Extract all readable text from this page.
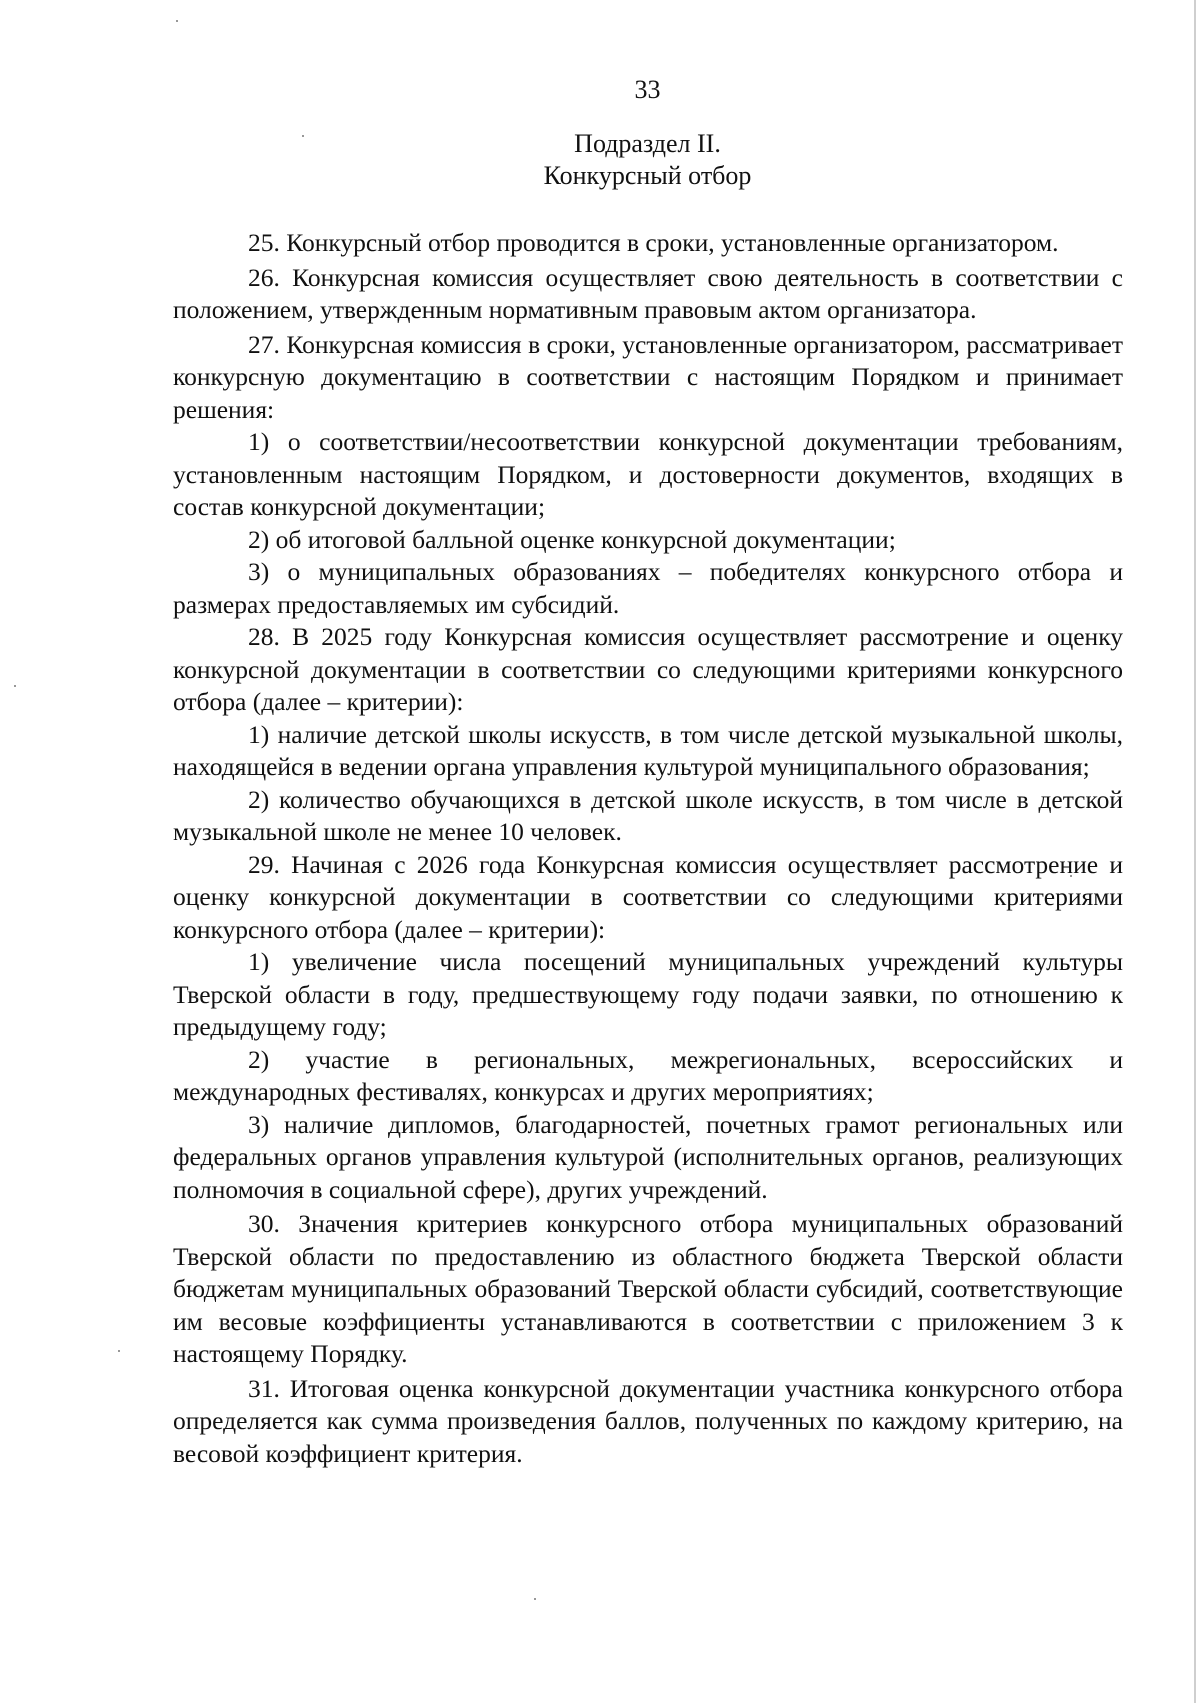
33
Подраздел II.
Конкурсный отбор

25. Конкурсный отбор проводится в сроки, установленные организатором.

26. Конкурсная комиссия осуществляет свою деятельность в соответствии с положением, утвержденным нормативным правовым актом организатора.

27. Конкурсная комиссия в сроки, установленные организатором, рассматривает конкурсную документацию в соответствии с настоящим Порядком и принимает решения:

1) о соответствии/несоответствии конкурсной документации требованиям, установленным настоящим Порядком, и достоверности документов, входящих в состав конкурсной документации;

2) об итоговой балльной оценке конкурсной документации;

3) о муниципальных образованиях – победителях конкурсного отбора и размерах предоставляемых им субсидий.

28. В 2025 году Конкурсная комиссия осуществляет рассмотрение и оценку конкурсной документации в соответствии со следующими критериями конкурсного отбора (далее – критерии):

1) наличие детской школы искусств, в том числе детской музыкальной школы, находящейся в ведении органа управления культурой муниципального образования;

2) количество обучающихся в детской школе искусств, в том числе в детской музыкальной школе не менее 10 человек.

29. Начиная с 2026 года Конкурсная комиссия осуществляет рассмотрение и оценку конкурсной документации в соответствии со следующими критериями конкурсного отбора (далее – критерии):

1) увеличение числа посещений муниципальных учреждений культуры Тверской области в году, предшествующему году подачи заявки, по отношению к предыдущему году;

2) участие в региональных, межрегиональных, всероссийских и международных фестивалях, конкурсах и других мероприятиях;

3) наличие дипломов, благодарностей, почетных грамот региональных или федеральных органов управления культурой (исполнительных органов, реализующих полномочия в социальной сфере), других учреждений.

30. Значения критериев конкурсного отбора муниципальных образований Тверской области по предоставлению из областного бюджета Тверской области бюджетам муниципальных образований Тверской области субсидий, соответствующие им весовые коэффициенты устанавливаются в соответствии с приложением 3 к настоящему Порядку.

31. Итоговая оценка конкурсной документации участника конкурсного отбора определяется как сумма произведения баллов, полученных по каждому критерию, на весовой коэффициент критерия.
